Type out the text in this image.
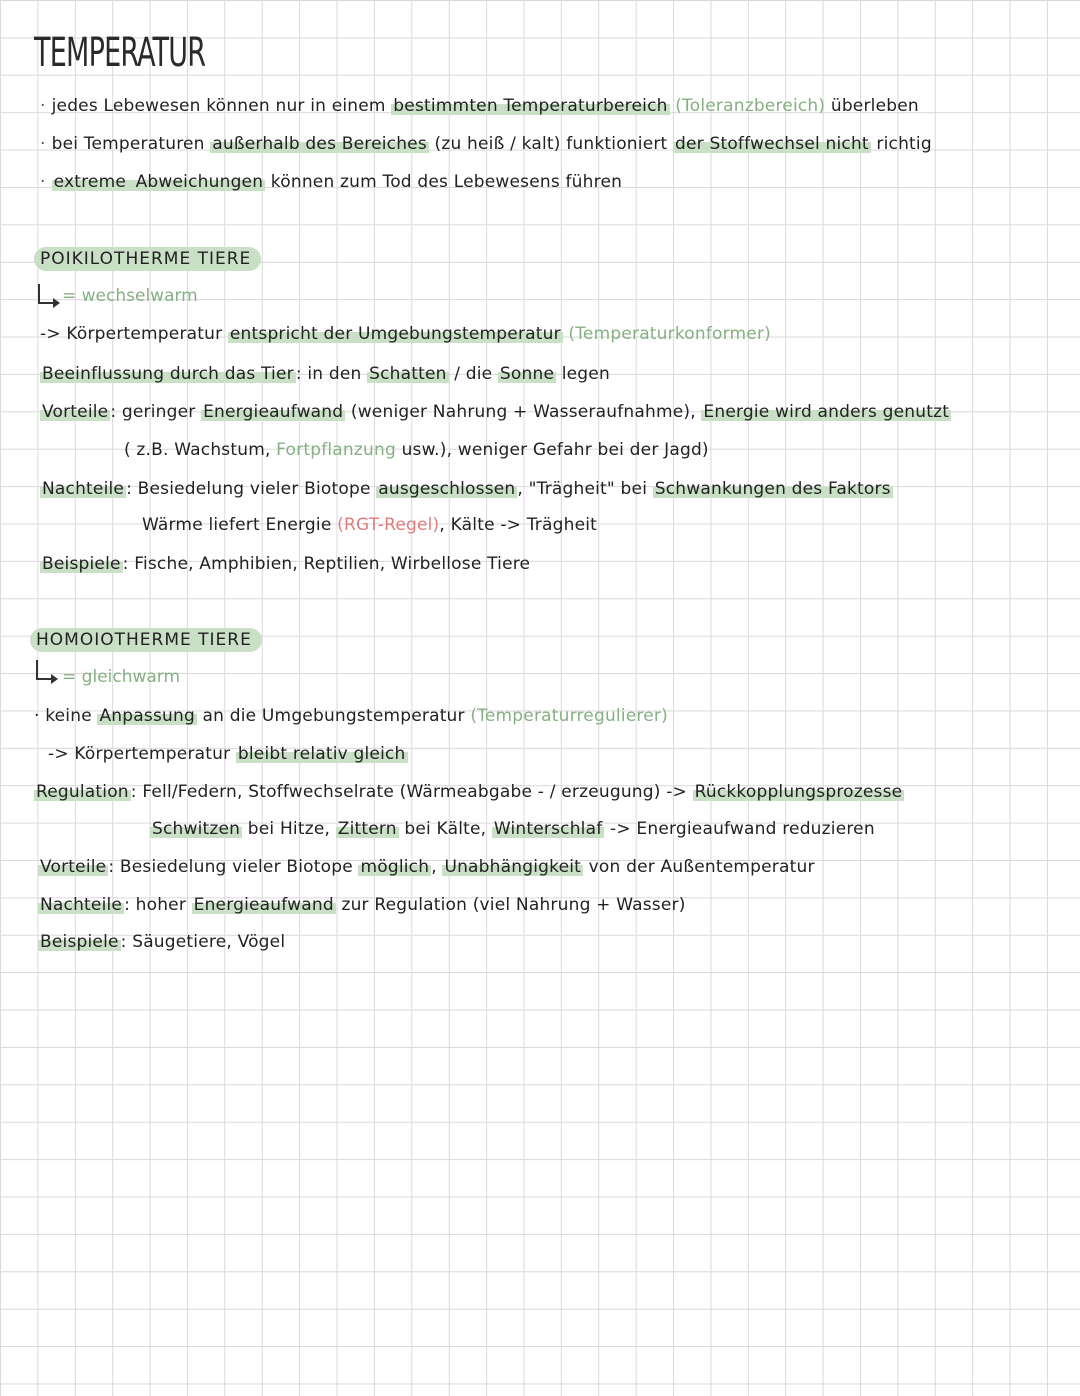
TEMPERATUR
· jedes Lebewesen können nur in einem bestimmten Temperaturbereich (Toleranzbereich) überleben
· bei Temperaturen außerhalb des Bereiches (zu heiß / kalt) funktioniert der Stoffwechsel nicht richtig
· extreme Abweichungen können zum Tod des Lebewesens führen
POIKILOTHERME TIERE
= wechselwarm
-> Körpertemperatur entspricht der Umgebungstemperatur (Temperaturkonformer)
Beeinflussung durch das Tier : in den Schatten / die Sonne legen
Vorteile : geringer Energieaufwand (weniger Nahrung + Wasseraufnahme), Energie wird anders genutzt
( z.B. Wachstum, Fortpflanzung usw.), weniger Gefahr bei der Jagd)
Nachteile : Besiedelung vieler Biotope ausgeschlossen , "Trägheit" bei Schwankungen des Faktors
Wärme liefert Energie (RGT-Regel), Kälte -> Trägheit
Beispiele : Fische, Amphibien, Reptilien, Wirbellose Tiere
HOMOIOTHERME TIERE
= gleichwarm
· keine Anpassung an die Umgebungstemperatur (Temperaturregulierer)
-> Körpertemperatur bleibt relativ gleich
Regulation : Fell/Federn, Stoffwechselrate (Wärmeabgabe - / erzeugung) -> Rückkopplungsprozesse
Schwitzen bei Hitze, Zittern bei Kälte, Winterschlaf -> Energieaufwand reduzieren
Vorteile : Besiedelung vieler Biotope möglich , Unabhängigkeit von der Außentemperatur
Nachteile : hoher Energieaufwand zur Regulation (viel Nahrung + Wasser)
Beispiele : Säugetiere, Vögel
